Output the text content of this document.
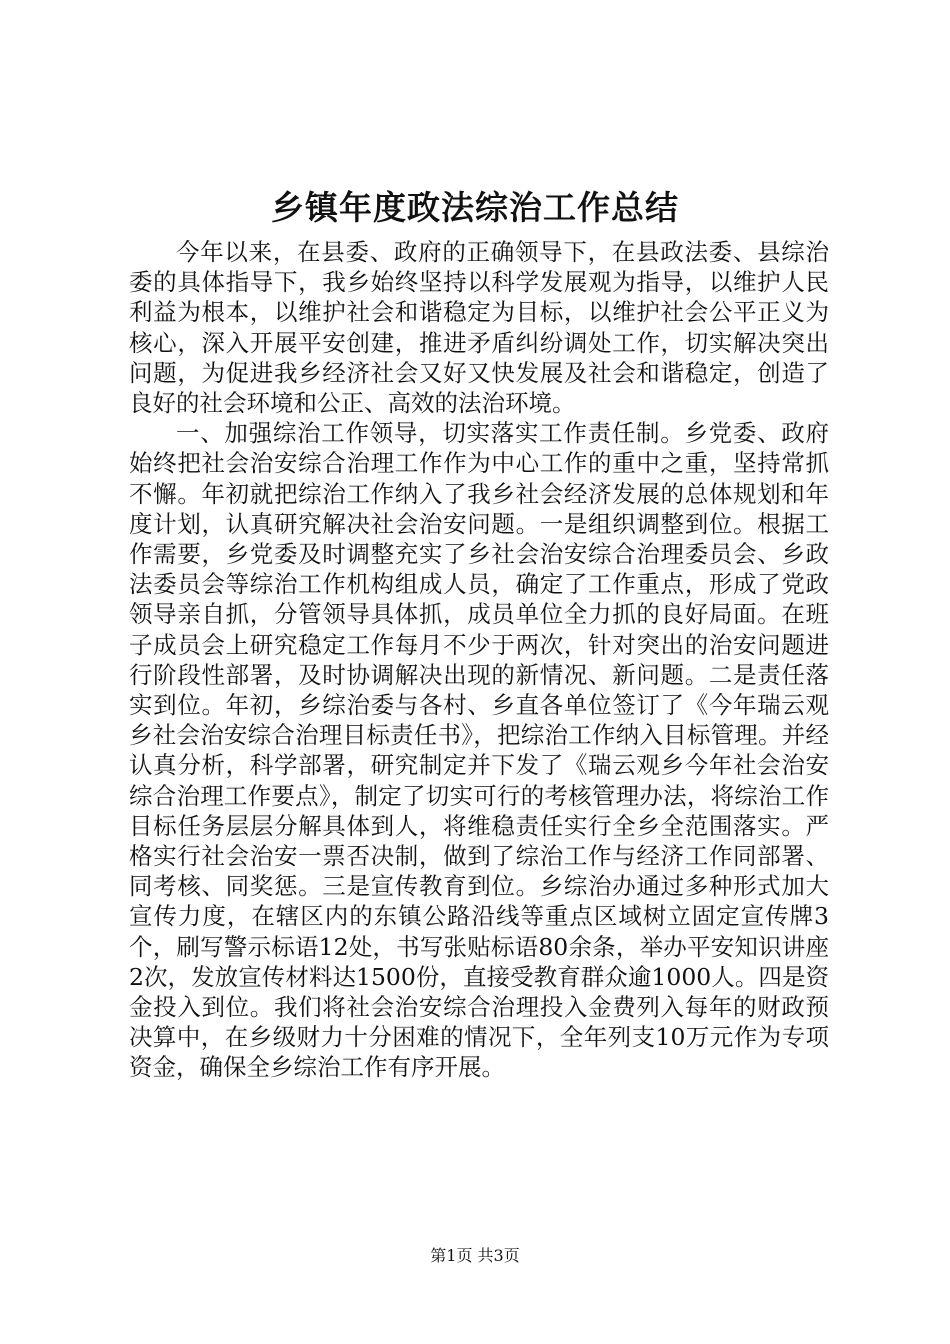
乡镇年度政法综治工作总结

今年以来，在县委、政府的正确领导下，在县政法委、县综治委的具体指导下，我乡始终坚持以科学发展观为指导，以维护人民利益为根本，以维护社会和谐稳定为目标，以维护社会公平正义为核心，深入开展平安创建，推进矛盾纠纷调处工作，切实解决突出问题，为促进我乡经济社会又好又快发展及社会和谐稳定，创造了良好的社会环境和公正、高效的法治环境。

一、加强综治工作领导，切实落实工作责任制。乡党委、政府始终把社会治安综合治理工作作为中心工作的重中之重，坚持常抓不懈。年初就把综治工作纳入了我乡社会经济发展的总体规划和年度计划，认真研究解决社会治安问题。一是组织调整到位。根据工作需要，乡党委及时调整充实了乡社会治安综合治理委员会、乡政法委员会等综治工作机构组成人员，确定了工作重点，形成了党政领导亲自抓，分管领导具体抓，成员单位全力抓的良好局面。在班子成员会上研究稳定工作每月不少于两次，针对突出的治安问题进行阶段性部署，及时协调解决出现的新情况、新问题。二是责任落实到位。年初，乡综治委与各村、乡直各单位签订了《今年瑞云观乡社会治安综合治理目标责任书》，把综治工作纳入目标管理。并经认真分析，科学部署，研究制定并下发了《瑞云观乡今年社会治安综合治理工作要点》，制定了切实可行的考核管理办法，将综治工作目标任务层层分解具体到人，将维稳责任实行全乡全范围落实。严格实行社会治安一票否决制，做到了综治工作与经济工作同部署、同考核、同奖惩。三是宣传教育到位。乡综治办通过多种形式加大宣传力度，在辖区内的东镇公路沿线等重点区域树立固定宣传牌3个，刷写警示标语12处，书写张贴标语80余条，举办平安知识讲座2次，发放宣传材料达1500份，直接受教育群众逾1000人。四是资金投入到位。我们将社会治安综合治理投入金费列入每年的财政预决算中，在乡级财力十分困难的情况下，全年列支10万元作为专项资金，确保全乡综治工作有序开展。

第1页 共3页
